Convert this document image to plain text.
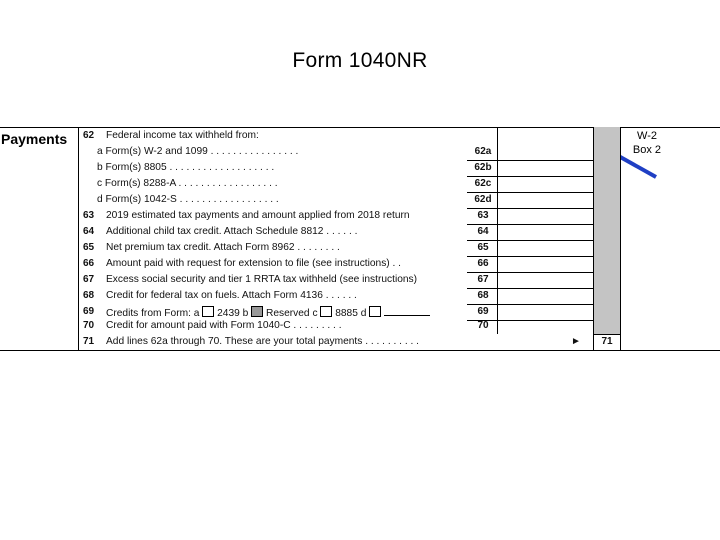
Form 1040NR
W-2
Box 2
Payments 62	Federal income tax withheld from:
a Form(s) W-2 and 1099 . . . . . . . . . . . . . . . .	62a
b Form(s) 8805 . . . . . . . . . . . . . . . . . . .	62b
c Form(s) 8288-A . . . . . . . . . . . . . . . . . .	62c
d Form(s) 1042-S . . . . . . . . . . . . . . . . . .	62d
63	2019 estimated tax payments and amount applied from 2018 return	63
64	Additional child tax credit. Attach Schedule 8812 . . . . . .	64
65	Net premium tax credit. Attach Form 8962 . . . . . . . .	65
66	Amount paid with request for extension to file (see instructions) . .	66
67	Excess social security and tier 1 RRTA tax withheld (see instructions)	67
68	Credit for federal tax on fuels. Attach Form 4136 . . . . . .	68
69	Credits from Form: a 2439 b Reserved c 8885 d	69
70	Credit for amount paid with Form 1040-C . . . . . . . . .	70
71	Add lines 62a through 70. These are your total payments . . . . . . . . . .	►	71
